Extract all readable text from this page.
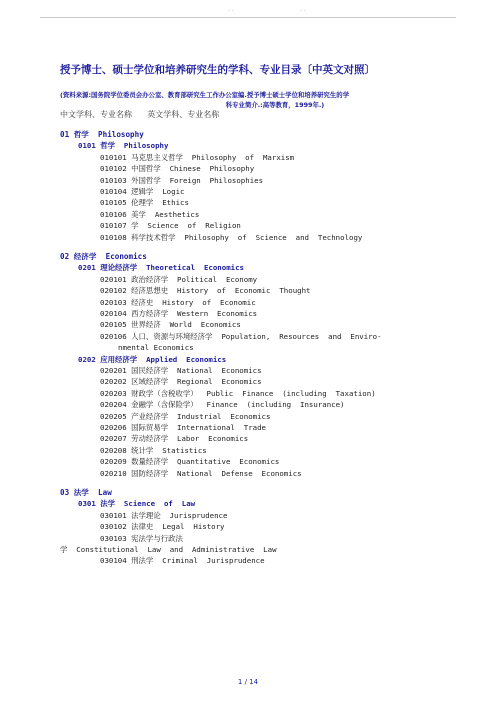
. .	. .
授予博士、硕士学位和培养研究生的学科、专业目录〔中英文对照〕
(资料来源:国务院学位委员会办公室、教育部研究生工作办公室编.授予博士硕士学位和培养研究生的学
科专业简介.:高等教育，1999年.)
中文学科、专业名称      英文学科、专业名称
01 哲学  Philosophy
0101 哲学  Philosophy
010101 马克思主义哲学  Philosophy  of  Marxism
010102 中国哲学  Chinese  Philosophy
010103 外国哲学  Foreign  Philosophies
010104 逻辑学  Logic
010105 伦理学  Ethics
010106 美学  Aesthetics
010107 学  Science  of  Religion
010108 科学技术哲学  Philosophy  of  Science  and  Technology
02 经济学  Economics
0201 理论经济学  Theoretical  Economics
020101 政治经济学  Political  Economy
020102 经济思想史  History  of  Economic  Thought
020103 经济史  History  of  Economic
020104 西方经济学  Western  Economics
020105 世界经济  World  Economics
020106 人口、资源与环境经济学  Population,  Resources  and  Enviro-
nmental Economics
0202 应用经济学  Applied  Economics
020201 国民经济学  National  Economics
020202 区域经济学  Regional  Economics
020203 财政学（含税收学）  Public  Finance  (including  Taxation)
020204 金融学（含保险学）  Finance  (including  Insurance)
020205 产业经济学  Industrial  Economics
020206 国际贸易学  International  Trade
020207 劳动经济学  Labor  Economics
020208 统计学  Statistics
020209 数量经济学  Quantitative  Economics
020210 国防经济学  National  Defense  Economics
03 法学  Law
0301 法学  Science  of  Law
030101 法学理论  Jurisprudence
030102 法律史  Legal  History
030103 宪法学与行政法
学  Constitutional  Law  and  Administrative  Law
030104 刑法学  Criminal  Jurisprudence
1 / 14
